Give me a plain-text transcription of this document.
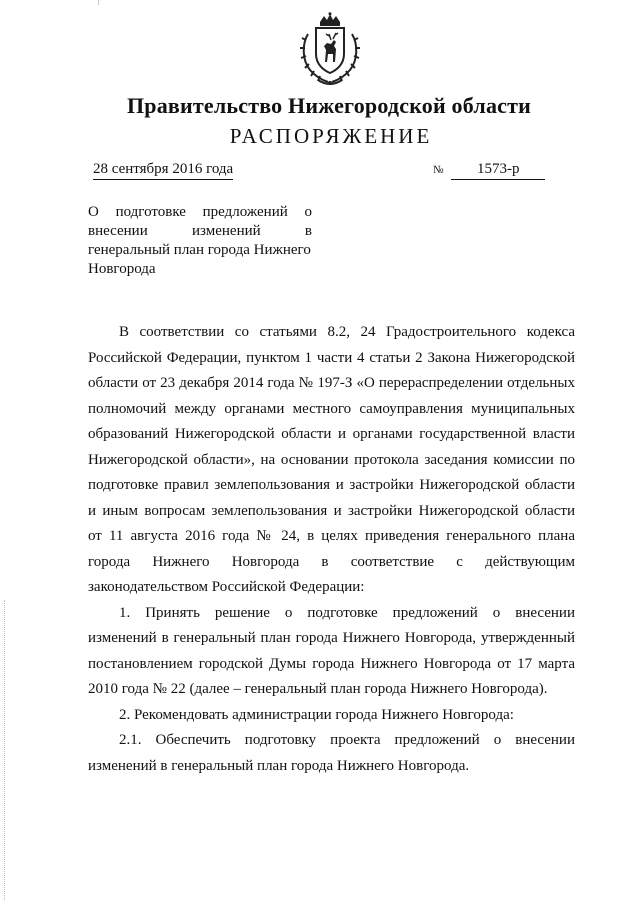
Правительство Нижегородской области
РАСПОРЯЖЕНИЕ
28 сентября 2016 года	№ 1573-р
О подготовке предложений о
внесении изменений в
генеральный план города Нижнего
Новгорода
В соответствии со статьями 8.2, 24 Градостроительного кодекса
Российской Федерации, пунктом 1 части 4 статьи 2 Закона Нижегородской
области от 23 декабря 2014 года № 197-З «О перераспределении отдельных
полномочий между органами местного самоуправления муниципальных
образований Нижегородской области и органами государственной власти
Нижегородской области», на основании протокола заседания комиссии по
подготовке правил землепользования и застройки Нижегородской области
и иным вопросам землепользования и застройки Нижегородской области
от 11 августа 2016 года № 24, в целях приведения генерального плана
города Нижнего Новгорода в соответствие с действующим
законодательством Российской Федерации:
1. Принять решение о подготовке предложений о внесении
изменений в генеральный план города Нижнего Новгорода, утвержденный
постановлением городской Думы города Нижнего Новгорода от 17 марта
2010 года № 22 (далее – генеральный план города Нижнего Новгорода).
2. Рекомендовать администрации города Нижнего Новгорода:
2.1. Обеспечить подготовку проекта предложений о внесении
изменений в генеральный план города Нижнего Новгорода.
